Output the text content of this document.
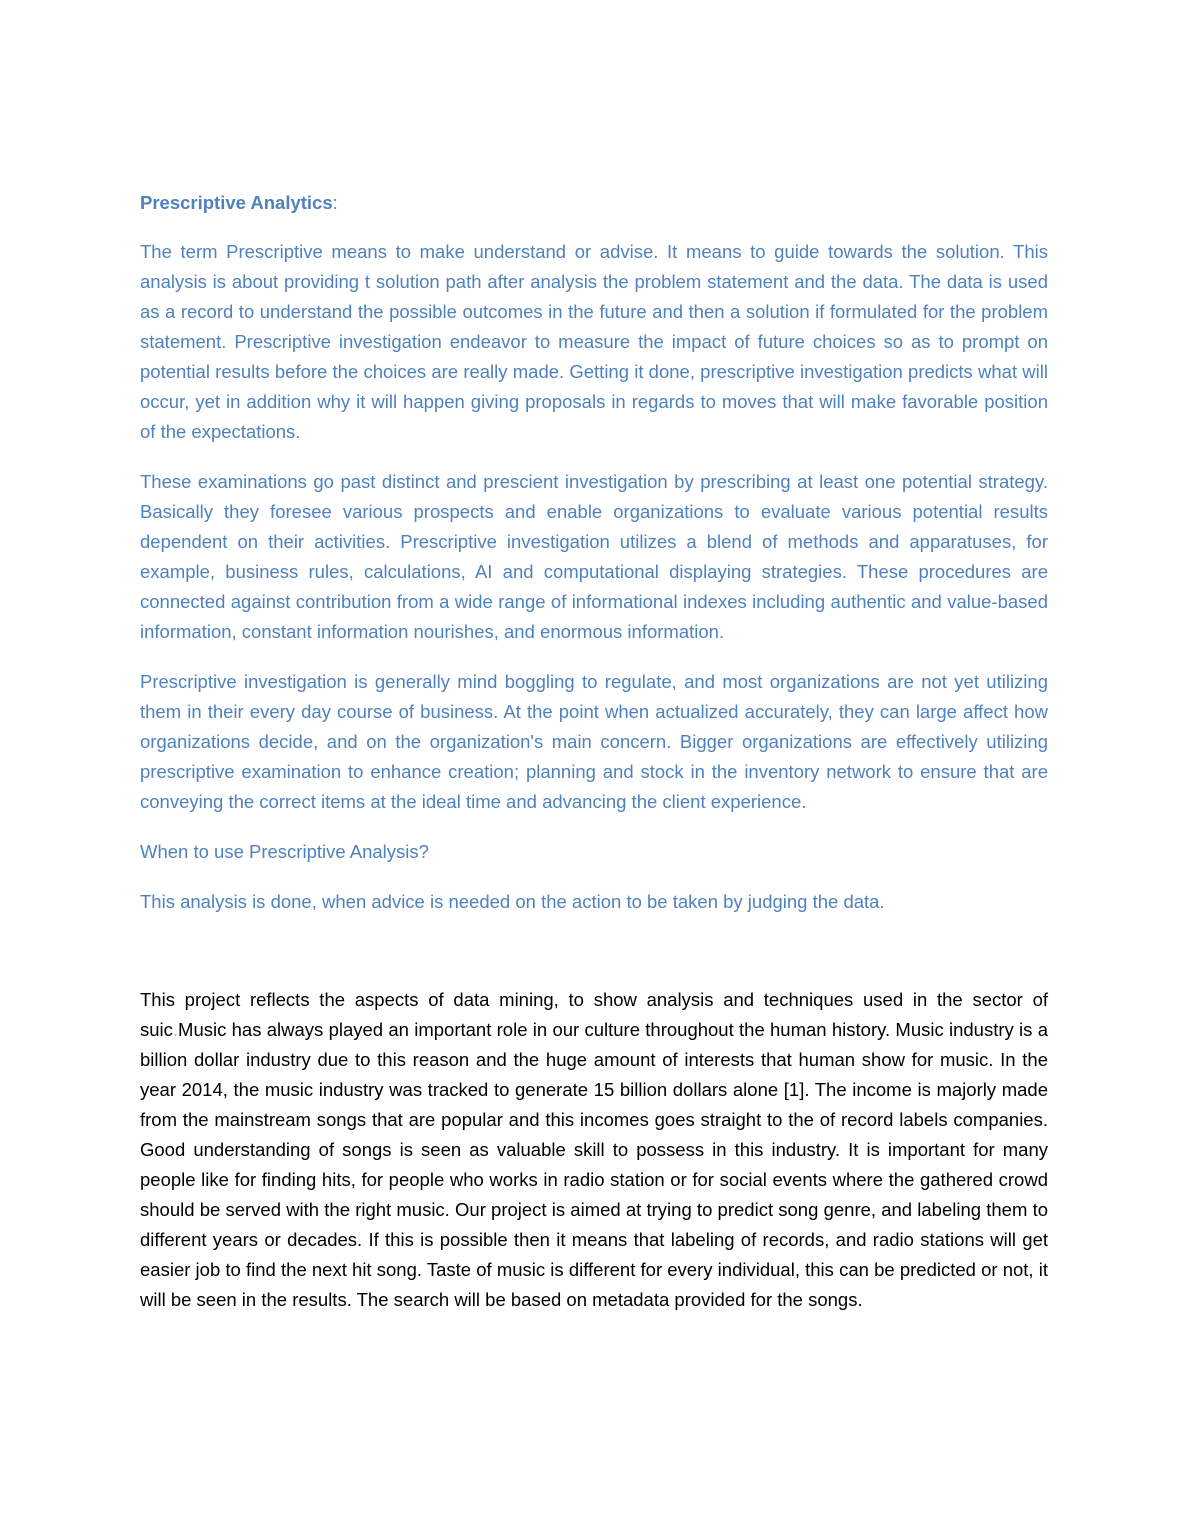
Prescriptive Analytics:

The term Prescriptive means to make understand or advise. It means to guide towards the solution. This analysis is about providing t solution path after analysis the problem statement and the data. The data is used as a record to understand the possible outcomes in the future and then a solution if formulated for the problem statement. Prescriptive investigation endeavor to measure the impact of future choices so as to prompt on potential results before the choices are really made. Getting it done, prescriptive investigation predicts what will occur, yet in addition why it will happen giving proposals in regards to moves that will make favorable position of the expectations.

These examinations go past distinct and prescient investigation by prescribing at least one potential strategy. Basically they foresee various prospects and enable organizations to evaluate various potential results dependent on their activities. Prescriptive investigation utilizes a blend of methods and apparatuses, for example, business rules, calculations, AI and computational displaying strategies. These procedures are connected against contribution from a wide range of informational indexes including authentic and value-based information, constant information nourishes, and enormous information.

Prescriptive investigation is generally mind boggling to regulate, and most organizations are not yet utilizing them in their every day course of business. At the point when actualized accurately, they can large affect how organizations decide, and on the organization's main concern. Bigger organizations are effectively utilizing prescriptive examination to enhance creation; planning and stock in the inventory network to ensure that are conveying the correct items at the ideal time and advancing the client experience.

When to use Prescriptive Analysis?

This analysis is done, when advice is needed on the action to be taken by judging the data.

This project reflects the aspects of data mining, to show analysis and techniques used in the sector of suic.Music has always played an important role in our culture throughout the human history. Music industry is a billion dollar industry due to this reason and the huge amount of interests that human show for music. In the year 2014, the music industry was tracked to generate 15 billion dollars alone [1]. The income is majorly made from the mainstream songs that are popular and this incomes goes straight to the of record labels companies. Good understanding of songs is seen as valuable skill to possess in this industry. It is important for many people like for finding hits, for people who works in radio station or for social events where the gathered crowd should be served with the right music. Our project is aimed at trying to predict song genre, and labeling them to different years or decades. If this is possible then it means that labeling of records, and radio stations will get easier job to find the next hit song. Taste of music is different for every individual, this can be predicted or not, it will be seen in the results. The search will be based on metadata provided for the songs.
